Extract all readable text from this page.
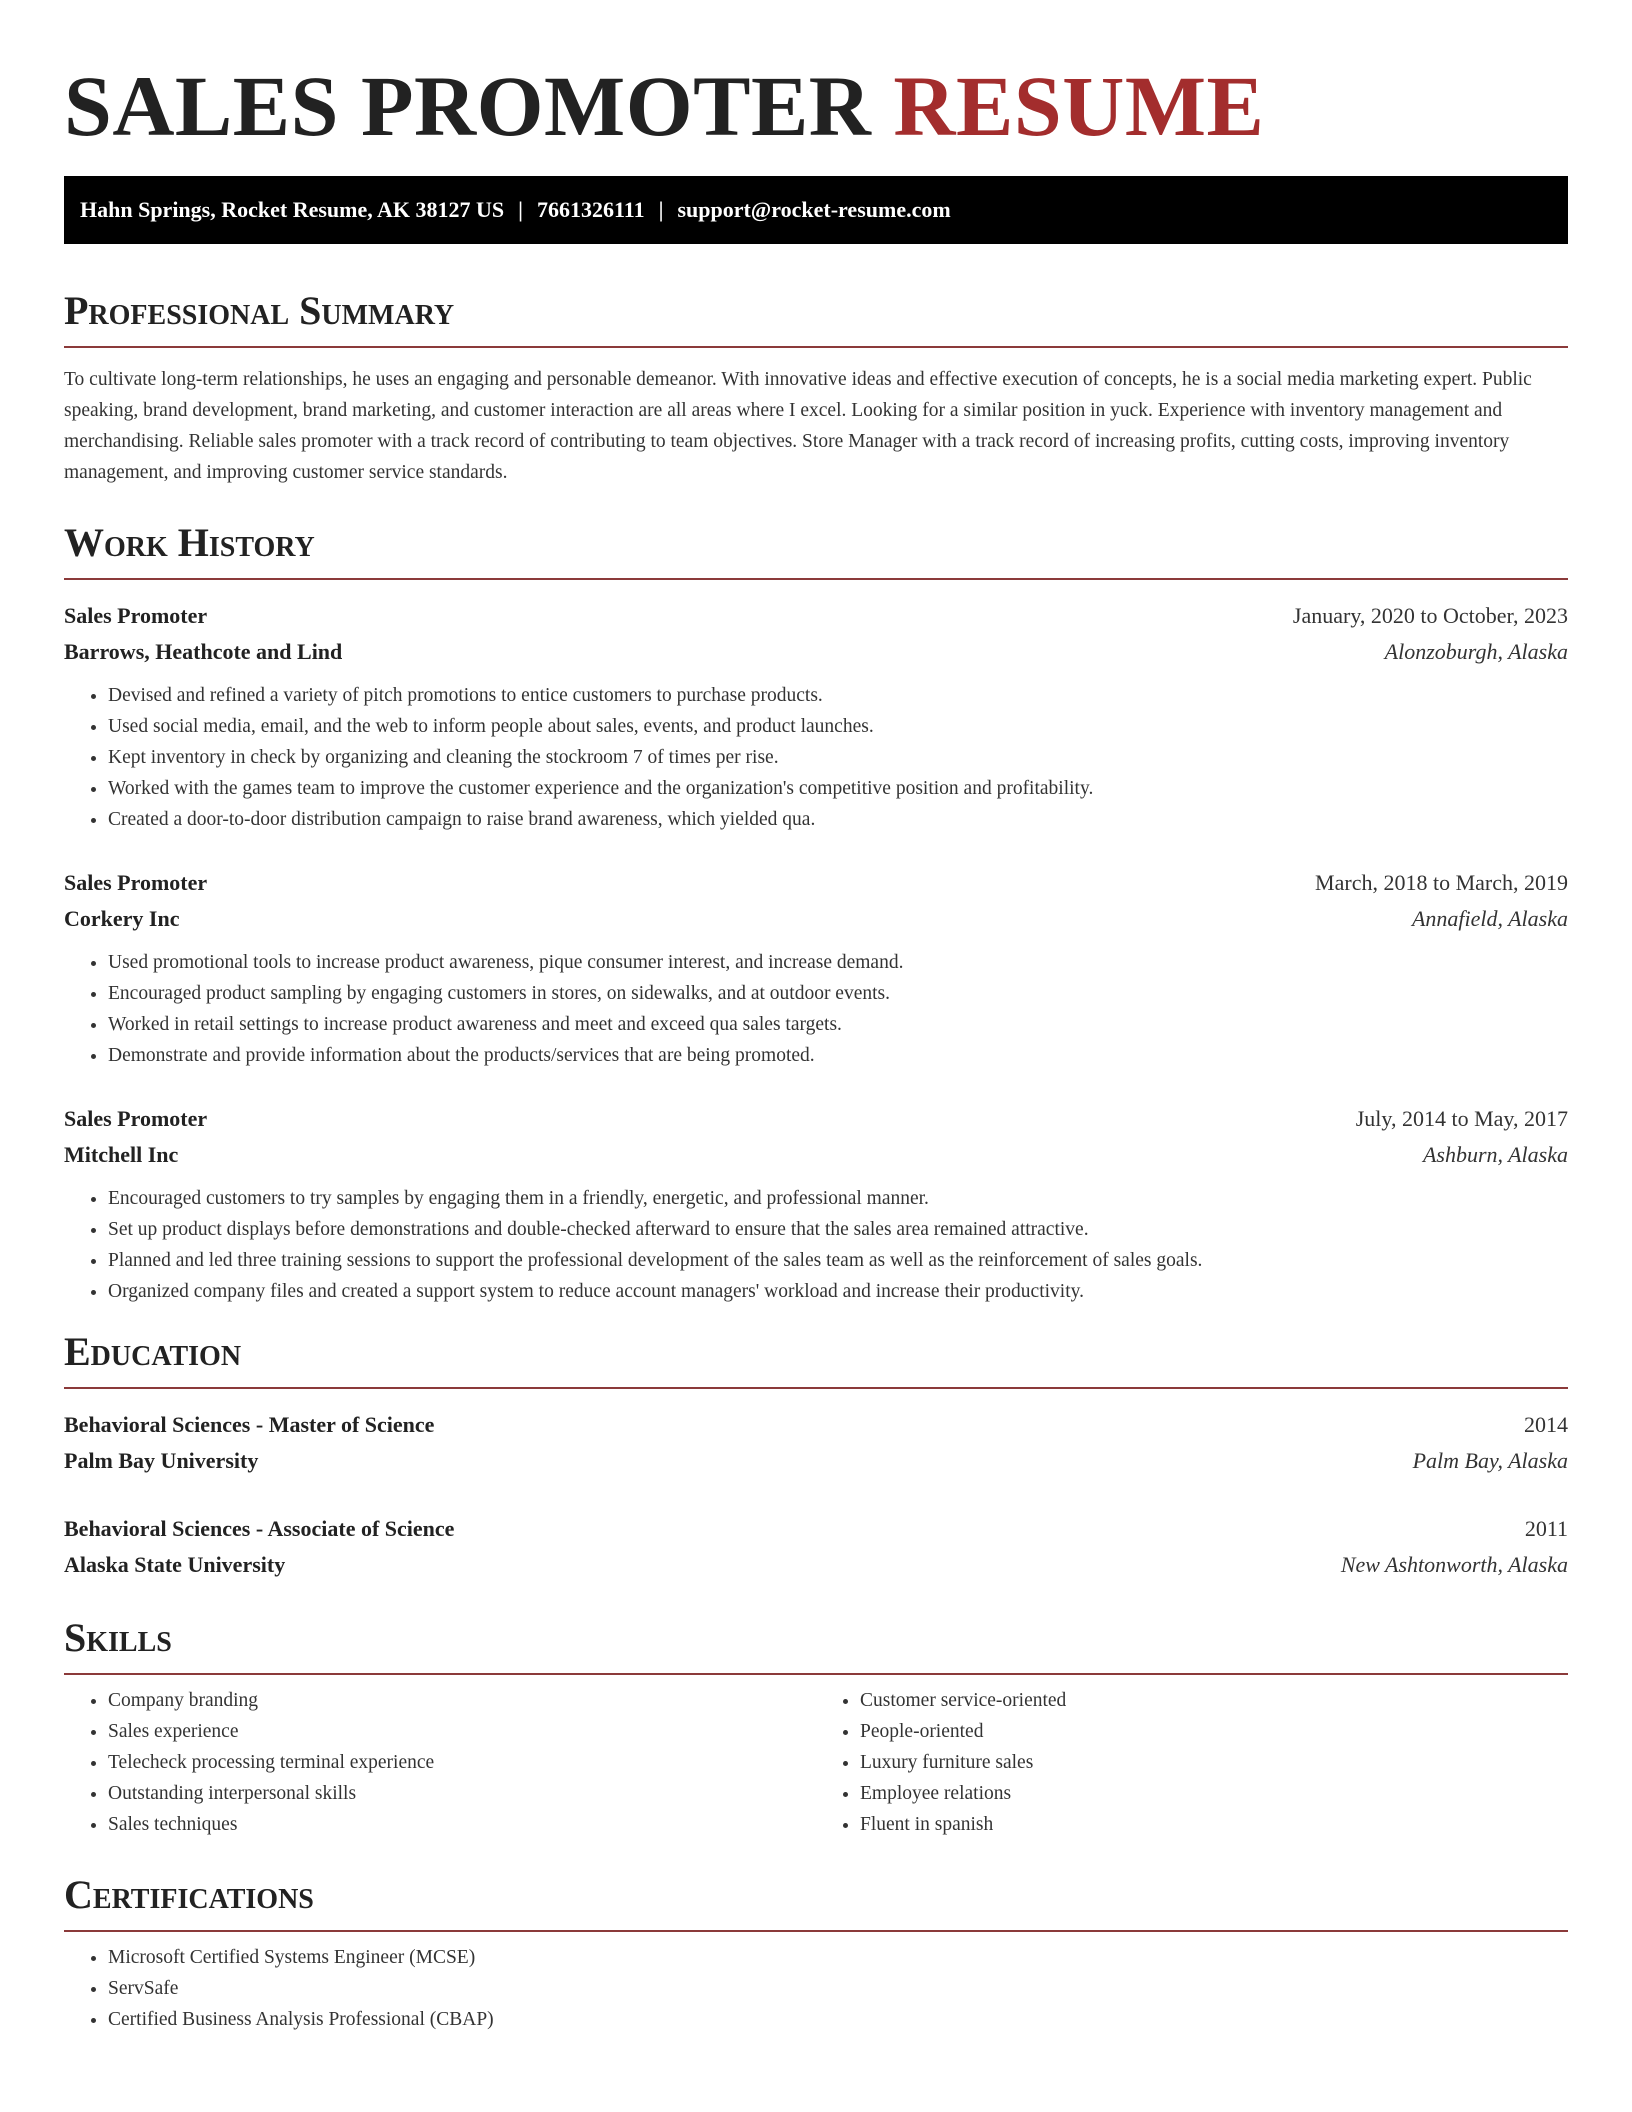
SALES PROMOTER RESUME
Hahn Springs, Rocket Resume, AK 38127 US | 7661326111 | support@rocket-resume.com
Professional Summary

To cultivate long-term relationships, he uses an engaging and personable demeanor. With innovative ideas and effective execution of concepts, he is a social media marketing expert. Public speaking, brand development, brand marketing, and customer interaction are all areas where I excel. Looking for a similar position in yuck. Experience with inventory management and merchandising. Reliable sales promoter with a track record of contributing to team objectives. Store Manager with a track record of increasing profits, cutting costs, improving inventory management, and improving customer service standards.

Work History
Sales Promoter	January, 2020 to October, 2023
Barrows, Heathcote and Lind	Alonzoburgh, Alaska
• Devised and refined a variety of pitch promotions to entice customers to purchase products.
• Used social media, email, and the web to inform people about sales, events, and product launches.
• Kept inventory in check by organizing and cleaning the stockroom 7 of times per rise.
• Worked with the games team to improve the customer experience and the organization's competitive position and profitability.
• Created a door-to-door distribution campaign to raise brand awareness, which yielded qua.
Sales Promoter	March, 2018 to March, 2019
Corkery Inc	Annafield, Alaska
• Used promotional tools to increase product awareness, pique consumer interest, and increase demand.
• Encouraged product sampling by engaging customers in stores, on sidewalks, and at outdoor events.
• Worked in retail settings to increase product awareness and meet and exceed qua sales targets.
• Demonstrate and provide information about the products/services that are being promoted.
Sales Promoter	July, 2014 to May, 2017
Mitchell Inc	Ashburn, Alaska
• Encouraged customers to try samples by engaging them in a friendly, energetic, and professional manner.
• Set up product displays before demonstrations and double-checked afterward to ensure that the sales area remained attractive.
• Planned and led three training sessions to support the professional development of the sales team as well as the reinforcement of sales goals.
• Organized company files and created a support system to reduce account managers' workload and increase their productivity.
Education
Behavioral Sciences - Master of Science	2014
Palm Bay University	Palm Bay, Alaska
Behavioral Sciences - Associate of Science	2011
Alaska State University	New Ashtonworth, Alaska
Skills
• Company branding
• Sales experience
• Telecheck processing terminal experience
• Outstanding interpersonal skills
• Sales techniques
• Customer service-oriented
• People-oriented
• Luxury furniture sales
• Employee relations
• Fluent in spanish
Certifications
• Microsoft Certified Systems Engineer (MCSE)
• ServSafe
• Certified Business Analysis Professional (CBAP)
